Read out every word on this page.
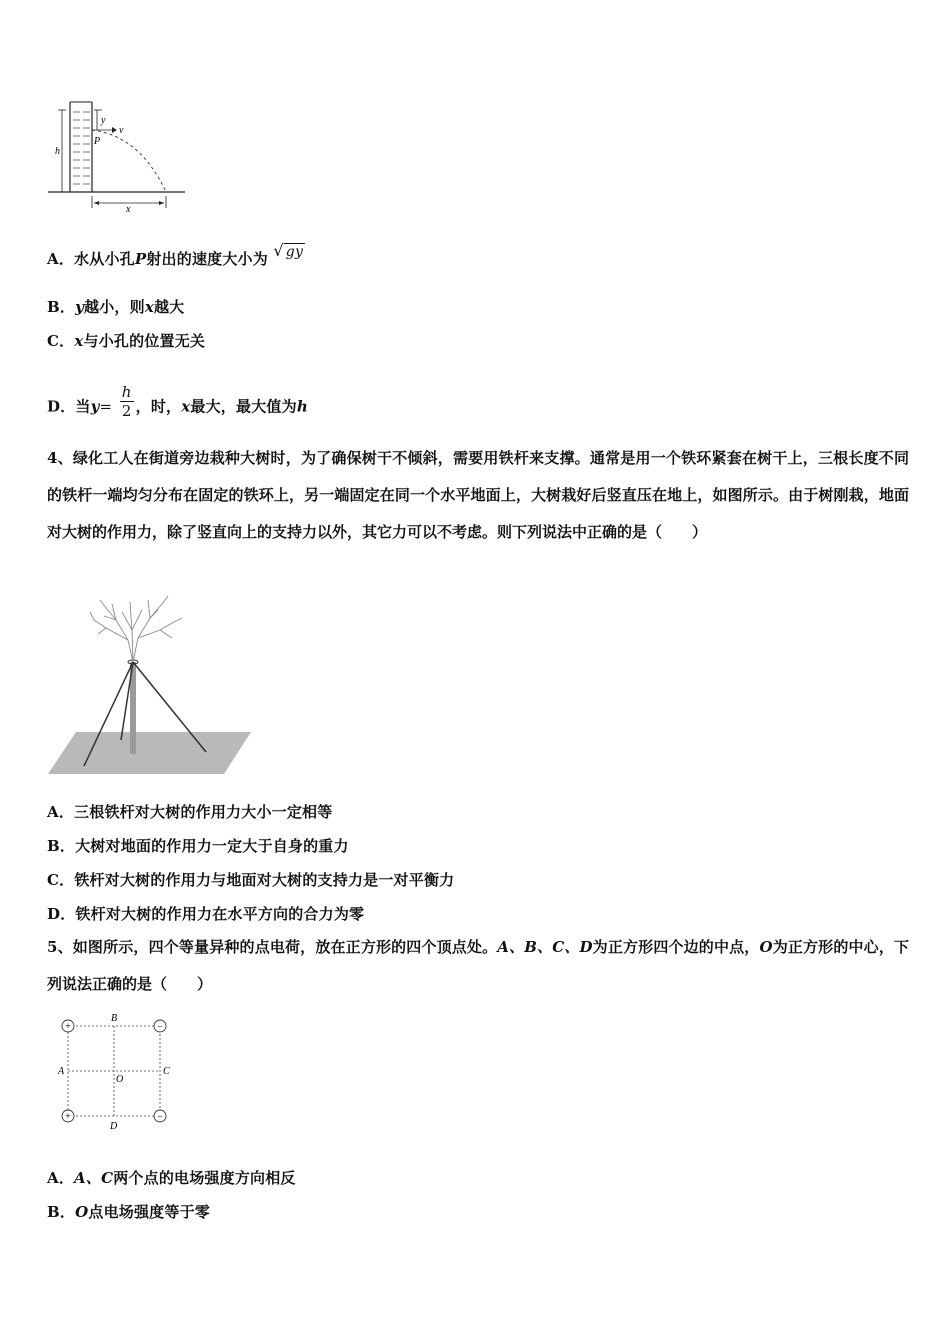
h
y
v
P
x
A．水从小孔P射出的速度大小为 √ gy
B．y越小，则x越大
C．x与小孔的位置无关
D．当$y= \frac{h}{2}$ ，时，x最大，最大值为h
4、绿化工人在街道旁边栽种大树时，为了确保树干不倾斜，需要用铁杆来支撑。通常是用一个铁环紧套在树干上，三根长度不同的铁杆一端均匀分布在固定的铁环上，另一端固定在同一个水平地面上，大树栽好后竖直压在地上，如图所示。由于树刚栽，地面对大树的作用力，除了竖直向上的支持力以外，其它力可以不考虑。则下列说法中正确的是（　　）
A．三根铁杆对大树的作用力大小一定相等
B．大树对地面的作用力一定大于自身的重力
C．铁杆对大树的作用力与地面对大树的支持力是一对平衡力
D．铁杆对大树的作用力在水平方向的合力为零
5、如图所示，四个等量异种的点电荷，放在正方形的四个顶点处。A、B、C、D为正方形四个边的中点，O为正方形的中心，下列说法正确的是（　　）
+	−
+	−
B
A	C
O
D
A．A、C两个点的电场强度方向相反
B．O点电场强度等于零
